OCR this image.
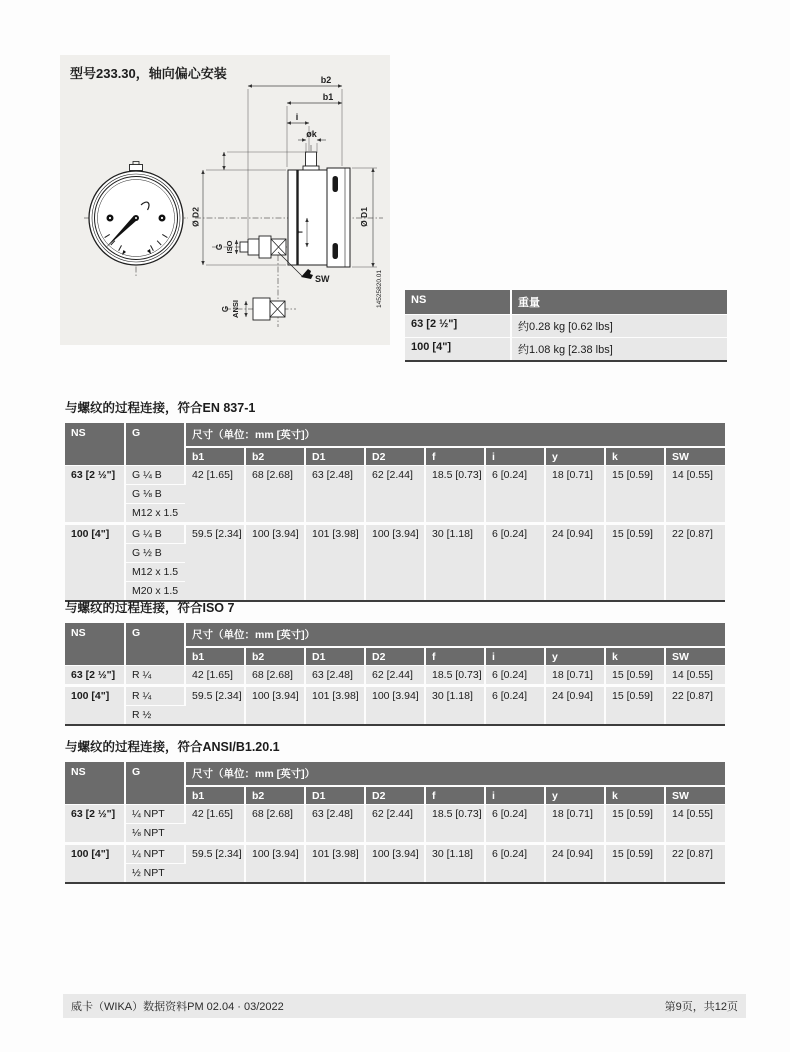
b2
b1
i
øk
Ø D2	Ø D1
f
G ISO
G ANSI
SW	14525820.01
型号233.30，轴向偏心安装
NS	重量
63 [2 ½"]	约0.28 kg [0.62 lbs]
100 [4"]	约1.08 kg [2.38 lbs]

与螺纹的过程连接，符合EN 837-1

NS	G	尺寸（单位：mm [英寸]）								
		b1	b2	D1	D2	f	i	y	k	SW
63 [2 ½"]	G ¼ B	42 [1.65]	68 [2.68]	63 [2.48]	62 [2.44]	18.5 [0.73]	6 [0.24]	18 [0.71]	15 [0.59]	14 [0.55]
	G ⅛ B									
	M12 x 1.5									
100 [4"]	G ¼ B	59.5 [2.34]	100 [3.94]	101 [3.98]	100 [3.94]	30 [1.18]	6 [0.24]	24 [0.94]	15 [0.59]	22 [0.87]
	G ½ B									
	M12 x 1.5									
	M20 x 1.5									

与螺纹的过程连接，符合ISO 7

NS	G	尺寸（单位：mm [英寸]）								
		b1	b2	D1	D2	f	i	y	k	SW
63 [2 ½"]	R ¼	42 [1.65]	68 [2.68]	63 [2.48]	62 [2.44]	18.5 [0.73]	6 [0.24]	18 [0.71]	15 [0.59]	14 [0.55]
100 [4"]	R ¼	59.5 [2.34]	100 [3.94]	101 [3.98]	100 [3.94]	30 [1.18]	6 [0.24]	24 [0.94]	15 [0.59]	22 [0.87]
	R ½									

与螺纹的过程连接，符合ANSI/B1.20.1

NS	G	尺寸（单位：mm [英寸]）								
		b1	b2	D1	D2	f	i	y	k	SW
63 [2 ½"]	¼ NPT	42 [1.65]	68 [2.68]	63 [2.48]	62 [2.44]	18.5 [0.73]	6 [0.24]	18 [0.71]	15 [0.59]	14 [0.55]
	⅛ NPT									
100 [4"]	¼ NPT	59.5 [2.34]	100 [3.94]	101 [3.98]	100 [3.94]	30 [1.18]	6 [0.24]	24 [0.94]	15 [0.59]	22 [0.87]
	½ NPT									
威卡（WIKA）数据资料PM 02.04 · 03/2022	第9页，共12页
